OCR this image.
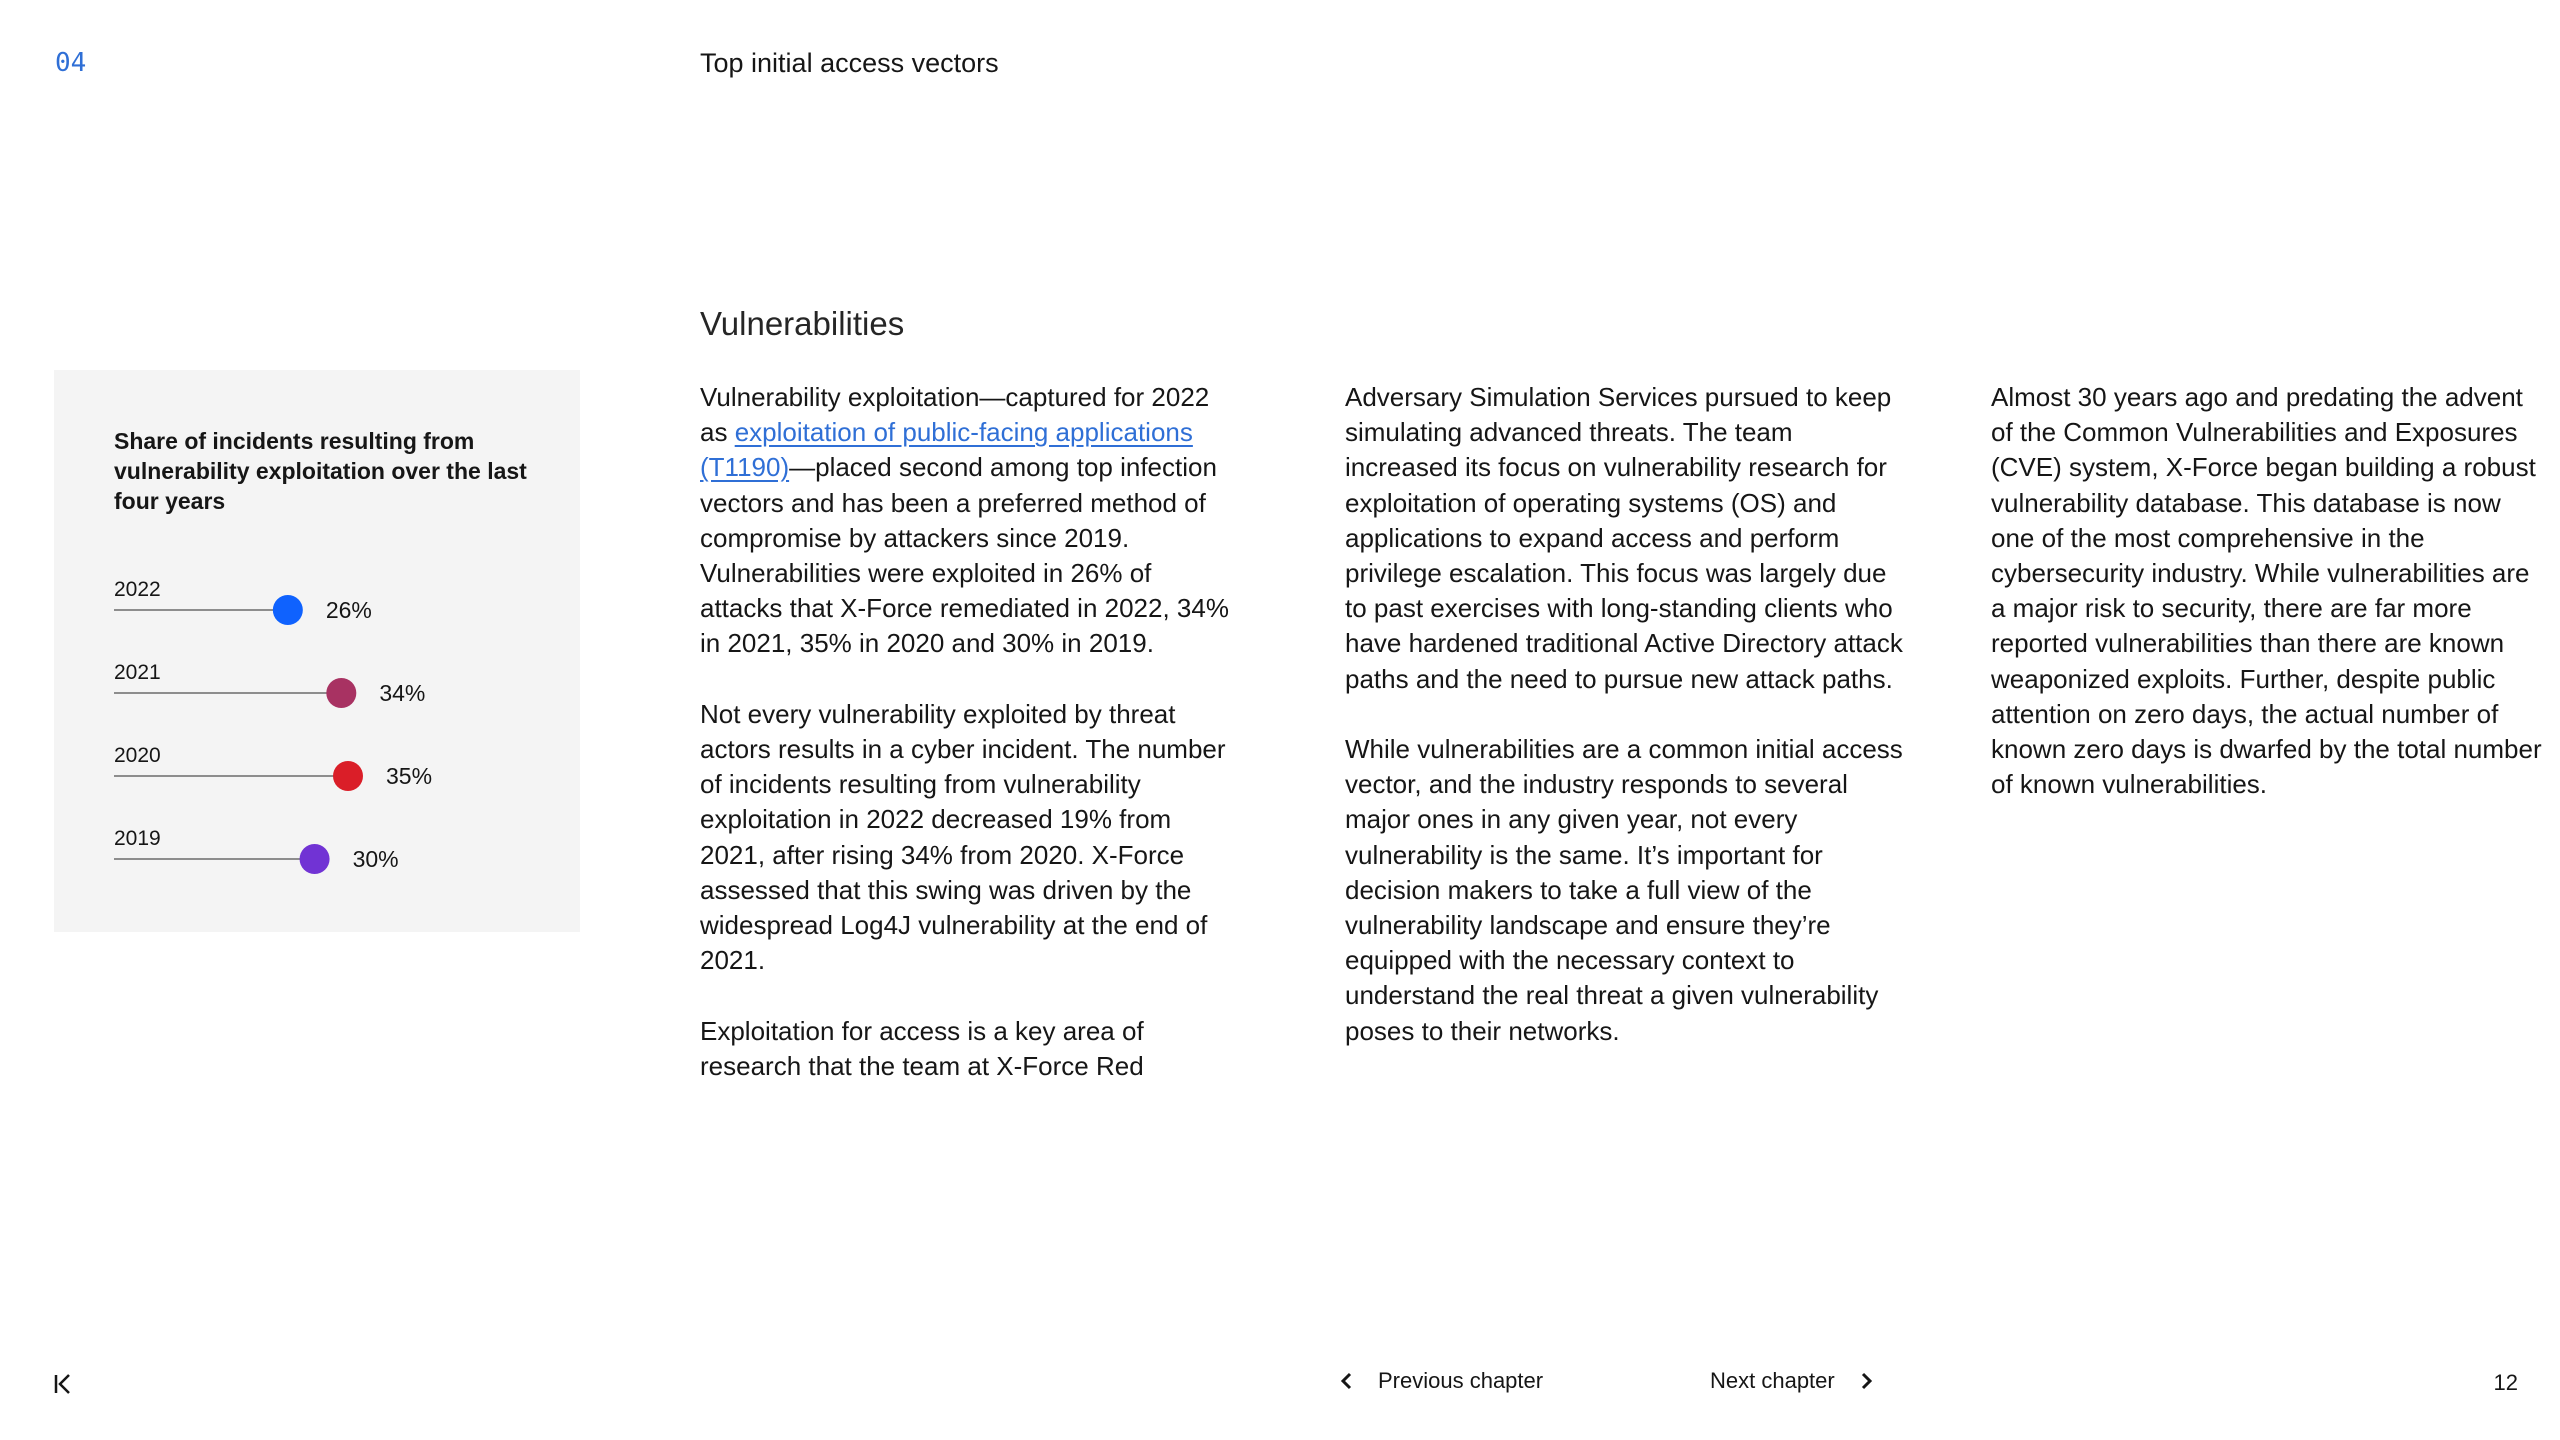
04	Top initial access vectors
Vulnerabilities
Share of incidents resulting from vulnerability exploitation over the last four years
2022
26%
2021
34%
2020
35%
2019
30%

Vulnerability exploitation—captured for 2022 as exploitation of public-facing applications (T1190)—placed second among top infection vectors and has been a preferred method of compromise by attackers since 2019. Vulnerabilities were exploited in 26% of attacks that X-Force remediated in 2022, 34% in 2021, 35% in 2020 and 30% in 2019.

Not every vulnerability exploited by threat actors results in a cyber incident. The number of incidents resulting from vulnerability exploitation in 2022 decreased 19% from 2021, after rising 34% from 2020. X-Force assessed that this swing was driven by the widespread Log4J vulnerability at the end of 2021.

Exploitation for access is a key area of research that the team at X-Force Red

Adversary Simulation Services pursued to keep simulating advanced threats. The team increased its focus on vulnerability research for exploitation of operating systems (OS) and applications to expand access and perform privilege escalation. This focus was largely due to past exercises with long-standing clients who have hardened traditional Active Directory attack paths and the need to pursue new attack paths.

While vulnerabilities are a common initial access vector, and the industry responds to several major ones in any given year, not every vulnerability is the same. It’s important for decision makers to take a full view of the vulnerability landscape and ensure they’re equipped with the necessary context to understand the real threat a given vulnerability poses to their networks.

Almost 30 years ago and predating the advent of the Common Vulnerabilities and Exposures (CVE) system, X-Force began building a robust vulnerability database. This database is now one of the most comprehensive in the cybersecurity industry. While vulnerabilities are a major risk to security, there are far more reported vulnerabilities than there are known weaponized exploits. Further, despite public attention on zero days, the actual number of known zero days is dwarfed by the total number of known vulnerabilities.

Previous chapter	Next chapter	12
